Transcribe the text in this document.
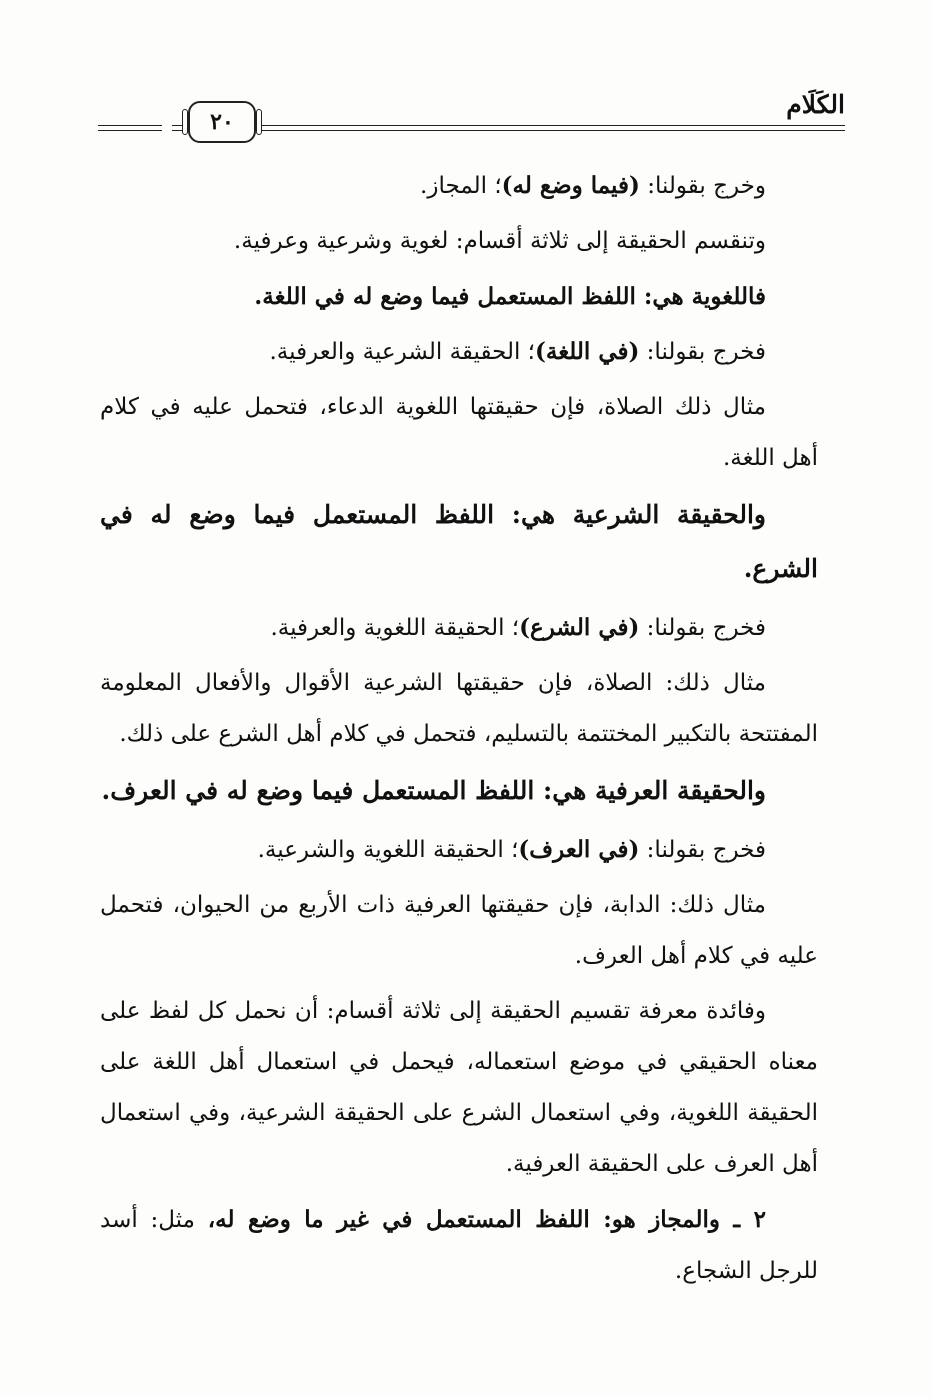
٢٠
الكَلَام

وخرج بقولنا: (فيما وضع له)؛ المجاز.

وتنقسم الحقيقة إلى ثلاثة أقسام: لغوية وشرعية وعرفية.

فاللغوية هي: اللفظ المستعمل فيما وضع له في اللغة.

فخرج بقولنا: (في اللغة)؛ الحقيقة الشرعية والعرفية.

مثال ذلك الصلاة، فإن حقيقتها اللغوية الدعاء، فتحمل عليه في كلام أهل اللغة.

والحقيقة الشرعية هي: اللفظ المستعمل فيما وضع له في الشرع.

فخرج بقولنا: (في الشرع)؛ الحقيقة اللغوية والعرفية.

مثال ذلك: الصلاة، فإن حقيقتها الشرعية الأقوال والأفعال المعلومة المفتتحة بالتكبير المختتمة بالتسليم، فتحمل في كلام أهل الشرع على ذلك.

والحقيقة العرفية هي: اللفظ المستعمل فيما وضع له في العرف.

فخرج بقولنا: (في العرف)؛ الحقيقة اللغوية والشرعية.

مثال ذلك: الدابة، فإن حقيقتها العرفية ذات الأربع من الحيوان، فتحمل عليه في كلام أهل العرف.

وفائدة معرفة تقسيم الحقيقة إلى ثلاثة أقسام: أن نحمل كل لفظ على معناه الحقيقي في موضع استعماله، فيحمل في استعمال أهل اللغة على الحقيقة اللغوية، وفي استعمال الشرع على الحقيقة الشرعية، وفي استعمال أهل العرف على الحقيقة العرفية.

٢ ـ والمجاز هو: اللفظ المستعمل في غير ما وضع له، مثل: أسد للرجل الشجاع.
